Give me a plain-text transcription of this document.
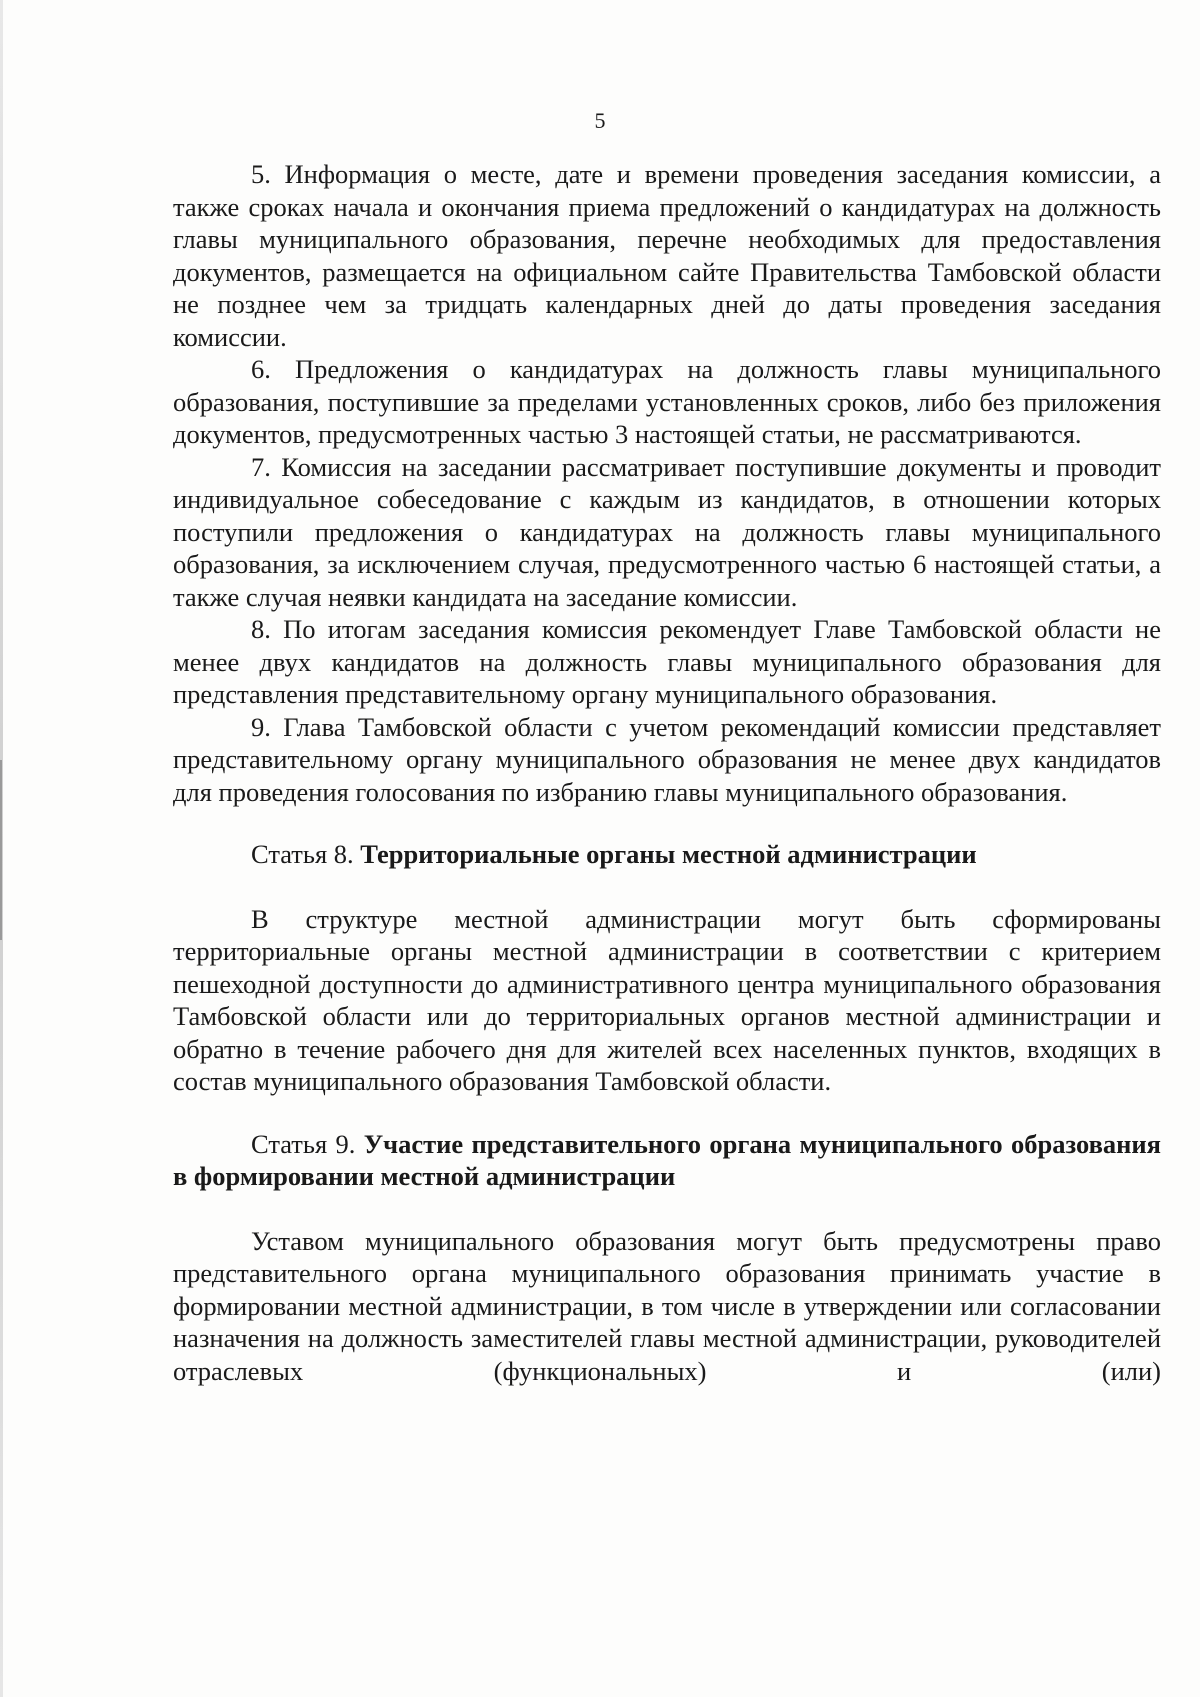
5

5. Информация о месте, дате и времени проведения заседания комиссии, а также сроках начала и окончания приема предложений о кандидатурах на должность главы муниципального образования, перечне необходимых для предоставления документов, размещается на официальном сайте Правительства Тамбовской области не позднее чем за тридцать календарных дней до даты проведения заседания комиссии.

6. Предложения о кандидатурах на должность главы муниципального образования, поступившие за пределами установленных сроков, либо без приложения документов, предусмотренных частью 3 настоящей статьи, не рассматриваются.

7. Комиссия на заседании рассматривает поступившие документы и проводит индивидуальное собеседование с каждым из кандидатов, в отношении которых поступили предложения о кандидатурах на должность главы муниципального образования, за исключением случая, предусмотренного частью 6 настоящей статьи, а также случая неявки кандидата на заседание комиссии.

8. По итогам заседания комиссия рекомендует Главе Тамбовской области не менее двух кандидатов на должность главы муниципального образования для представления представительному органу муниципального образования.

9. Глава Тамбовской области с учетом рекомендаций комиссии представляет представительному органу муниципального образования не менее двух кандидатов для проведения голосования по избранию главы муниципального образования.

Статья 8. Территориальные органы местной администрации

В структуре местной администрации могут быть сформированы территориальные органы местной администрации в соответствии с критерием пешеходной доступности до административного центра муниципального образования Тамбовской области или до территориальных органов местной администрации и обратно в течение рабочего дня для жителей всех населенных пунктов, входящих в состав муниципального образования Тамбовской области.

Статья 9. Участие представительного органа муниципального образования в формировании местной администрации

Уставом муниципального образования могут быть предусмотрены право представительного органа муниципального образования принимать участие в формировании местной администрации, в том числе в утверждении или согласовании назначения на должность заместителей главы местной администрации, руководителей отраслевых (функциональных) и (или)
